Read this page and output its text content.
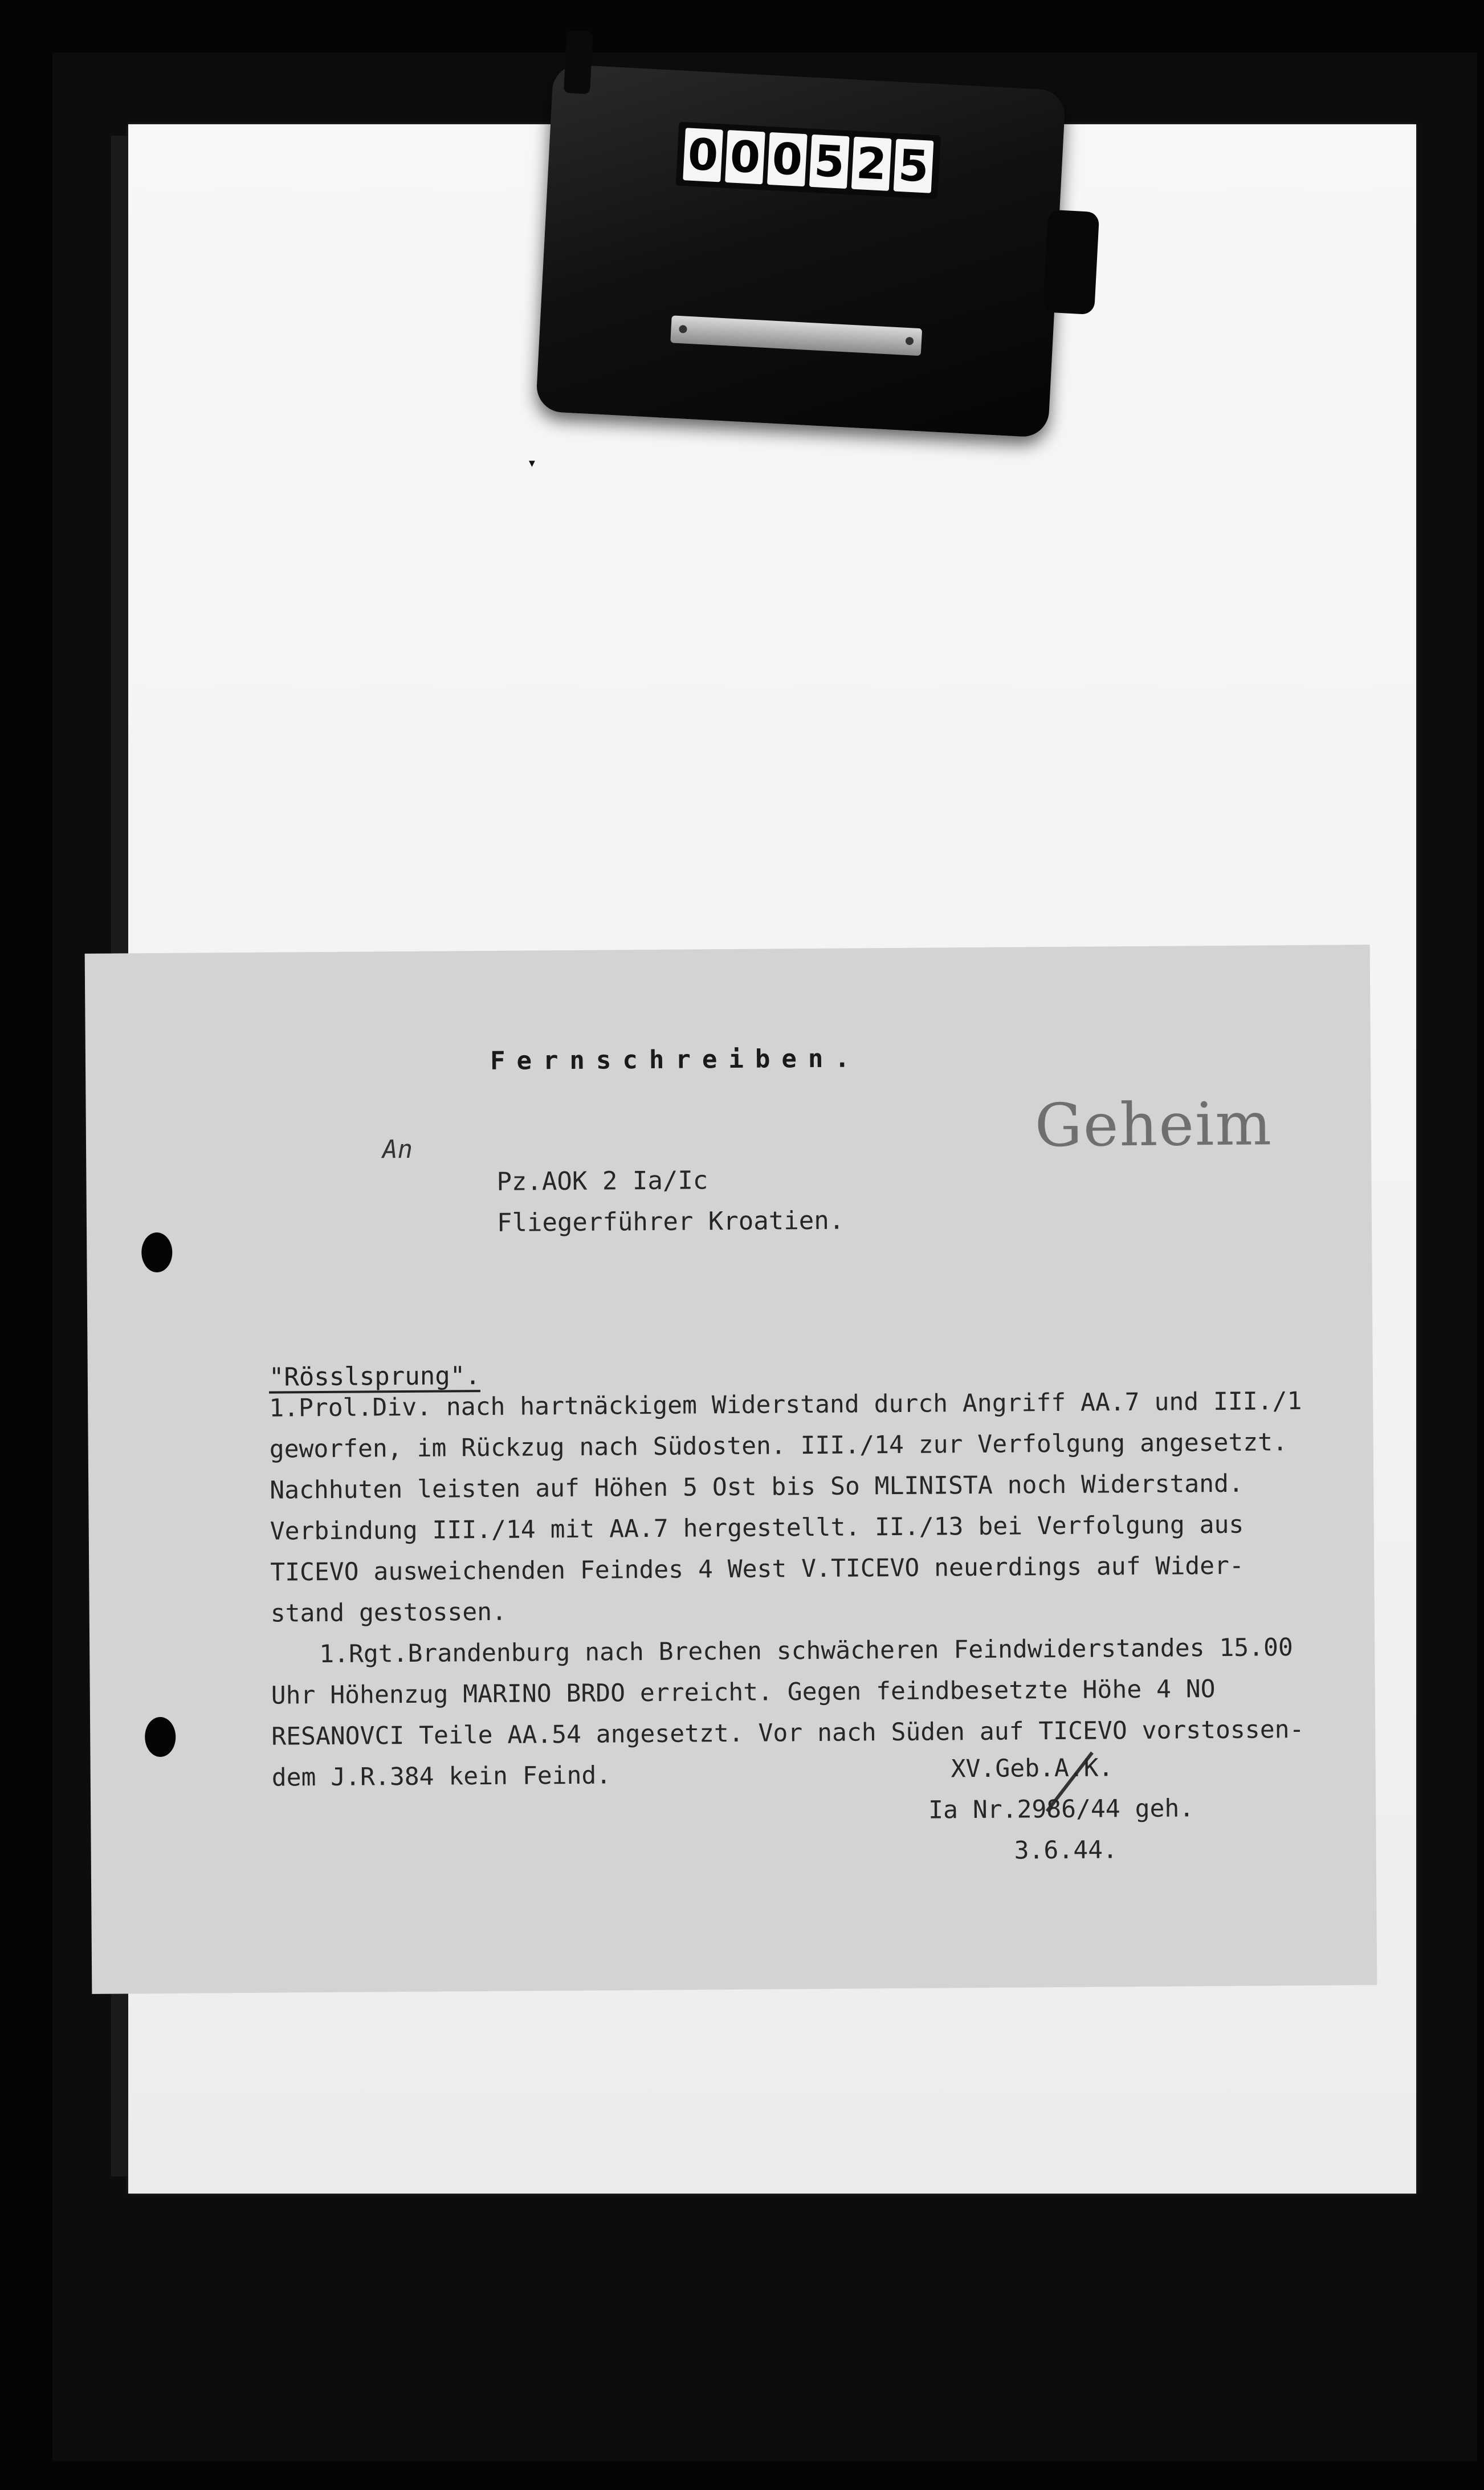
▾
0 0 0 5 2 5
Fernschreiben.
Geheim
An
Pz.AOK 2 Ia/Ic
Fliegerführer Kroatien.
"Rösslsprung".

1.Prol.Div. nach hartnäckigem Widerstand durch Angriff AA.7 und III./1

geworfen, im Rückzug nach Südosten. III./14 zur Verfolgung angesetzt.

Nachhuten leisten auf Höhen 5 Ost bis So MLINISTA noch Widerstand.

Verbindung III./14 mit AA.7 hergestellt. II./13 bei Verfolgung aus

TICEVO ausweichenden Feindes 4 West V.TICEVO neuerdings auf Wider-

stand gestossen.

1.Rgt.Brandenburg nach Brechen schwächeren Feindwiderstandes 15.00

Uhr Höhenzug MARINO BRDO erreicht. Gegen feindbesetzte Höhe 4 NO

RESANOVCI Teile AA.54 angesetzt. Vor nach Süden auf TICEVO vorstossen-

dem J.R.384 kein Feind.	XV.Geb.A.K.
Ia Nr.2986/44 geh.
3.6.44.
